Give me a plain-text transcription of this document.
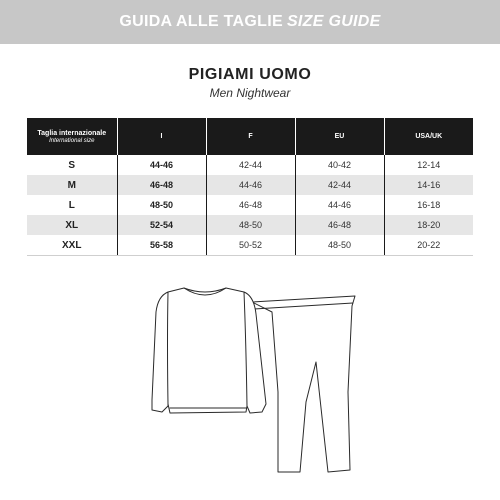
GUIDA ALLE TAGLIE SIZE GUIDE
PIGIAMI UOMO
Men Nightwear
Taglia internazionale
International size	I	F	EU	USA/UK
S	44-46	42-44	40-42	12-14
M	46-48	44-46	42-44	14-16
L	48-50	46-48	44-46	16-18
XL	52-54	48-50	46-48	18-20
XXL	56-58	50-52	48-50	20-22
